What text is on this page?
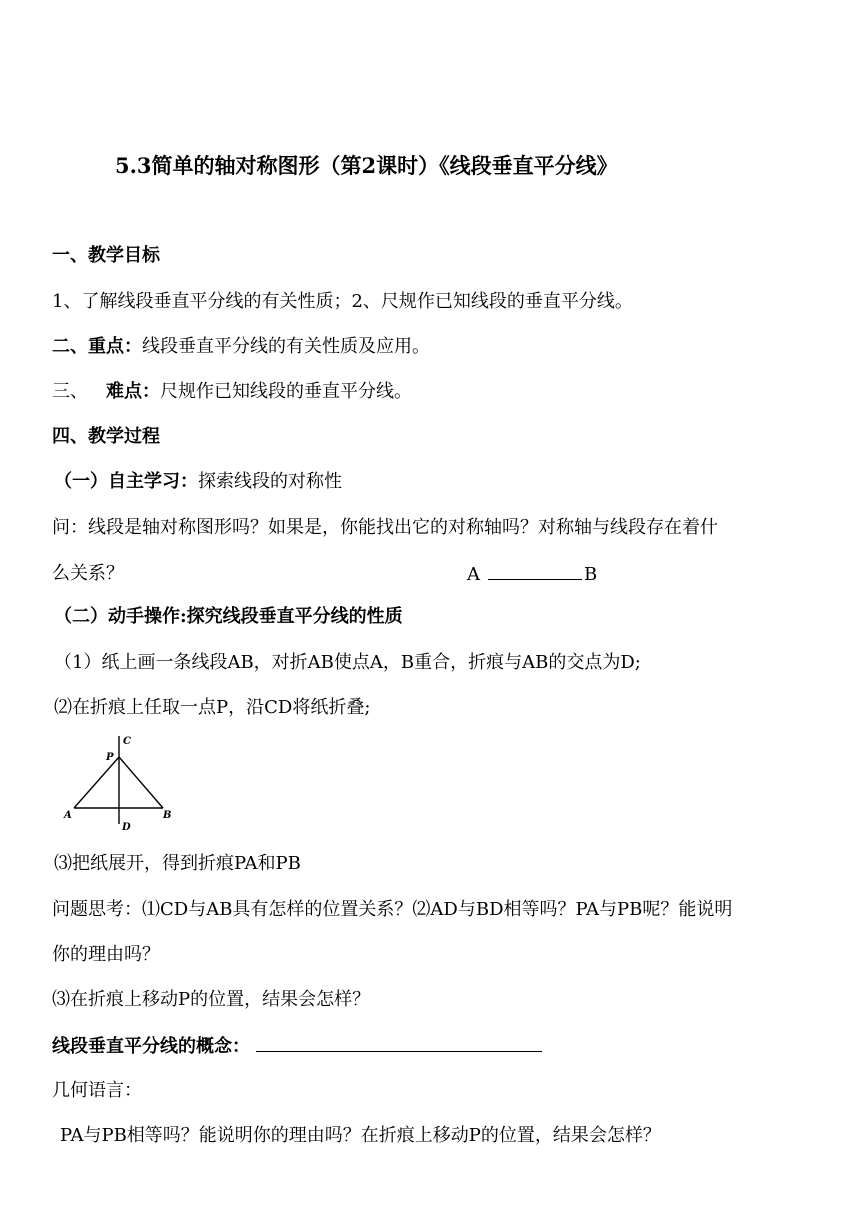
5.3简单的轴对称图形（第2课时）《线段垂直平分线》
一、教学目标
1、了解线段垂直平分线的有关性质；2、尺规作已知线段的垂直平分线。
二、重点：线段垂直平分线的有关性质及应用。
三、 难点：尺规作已知线段的垂直平分线。
四、教学过程
（一）自主学习：探索线段的对称性
问：线段是轴对称图形吗？如果是，你能找出它的对称轴吗？对称轴与线段存在着什
么关系？	A	B
（二）动手操作:探究线段垂直平分线的性质
（1）纸上画一条线段AB，对折AB使点A，B重合，折痕与AB的交点为D;
⑵在折痕上任取一点P，沿CD将纸折叠;
P
C
A	B
D
⑶把纸展开，得到折痕PA和PB
问题思考：⑴CD与AB具有怎样的位置关系？⑵AD与BD相等吗？PA与PB呢？能说明
你的理由吗？
⑶在折痕上移动P的位置，结果会怎样？
线段垂直平分线的概念：
几何语言：
PA与PB相等吗？能说明你的理由吗？在折痕上移动P的位置，结果会怎样？
